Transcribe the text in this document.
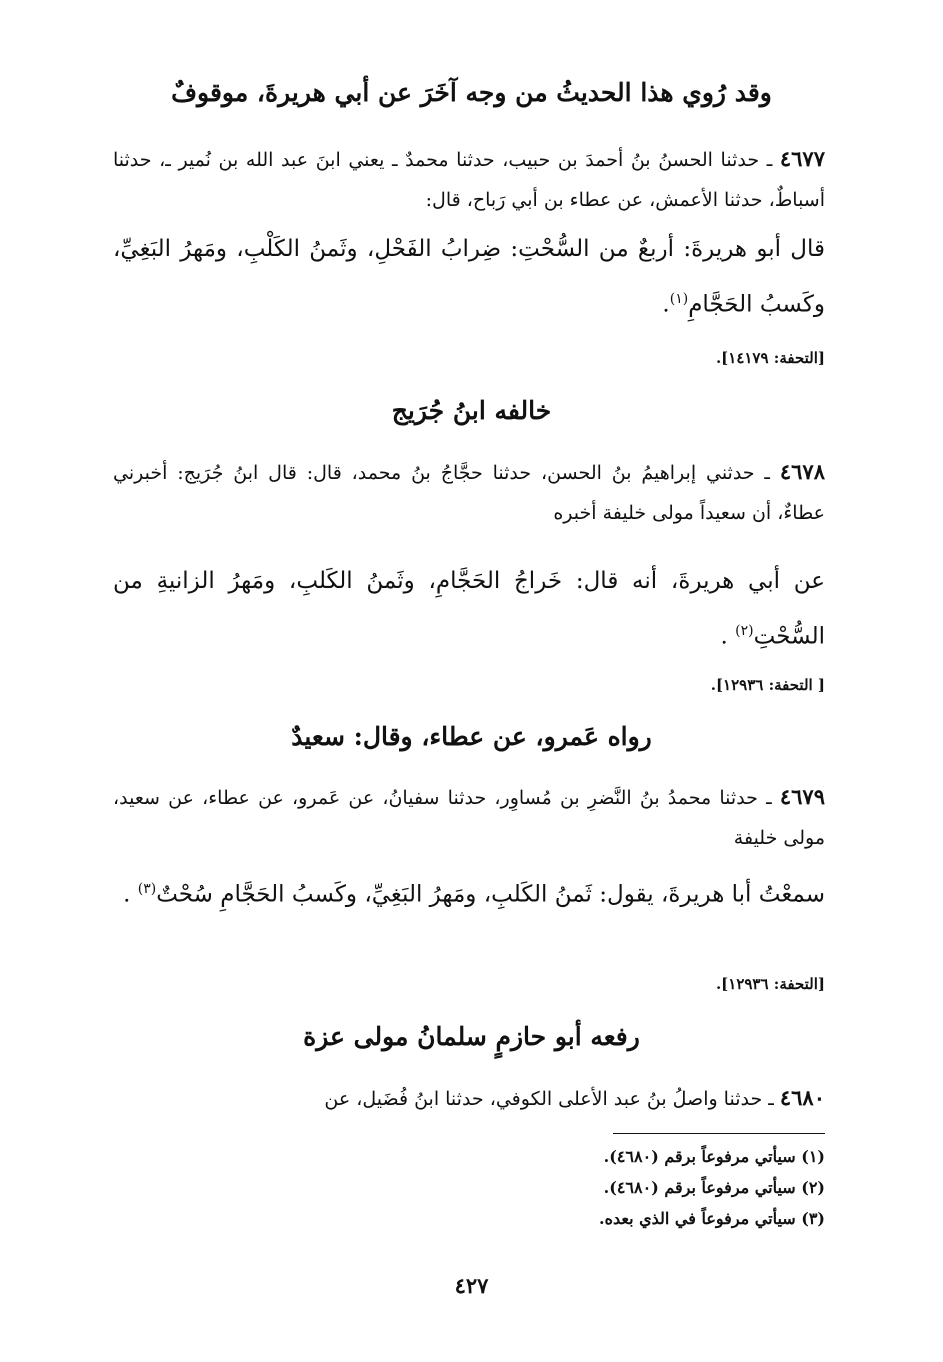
وقد رُوي هذا الحديثُ من وجه آخَرَ عن أبي هريرةَ، موقوفٌ
٤٦٧٧ ـ حدثنا الحسنُ بنُ أحمدَ بن حبيب، حدثنا محمدٌ ـ يعني ابنَ عبد الله بن نُمير ـ، حدثنا أسباطٌ، حدثنا الأعمش، عن عطاء بن أبي رَباح، قال:
قال أبو هريرةَ: أربعٌ من السُّحْتِ: ضِرابُ الفَحْلِ، وثَمنُ الكَلْبِ، ومَهرُ البَغِيِّ، وكَسبُ الحَجَّامِ$^{(١)}$.
[التحفة: ١٤١٧٩].
خالفه ابنُ جُرَيج
٤٦٧٨ ـ حدثني إبراهيمُ بنُ الحسن، حدثنا حجَّاجُ بنُ محمد، قال: قال ابنُ جُرَيج: أخبرني عطاءٌ، أن سعيداً مولى خليفة أخبره
عن أبي هريرةَ، أنه قال: خَراجُ الحَجَّامِ، وثَمنُ الكَلبِ، ومَهرُ الزانيةِ من السُّحْتِ$^{(٢)}$ .
[ التحفة: ١٢٩٣٦].
رواه عَمرو، عن عطاء، وقال: سعيدٌ
٤٦٧٩ ـ حدثنا محمدُ بنُ النَّضرِ بن مُساوِر، حدثنا سفيانُ، عن عَمرو، عن عطاء، عن سعيد، مولى خليفة
سمعْتُ أبا هريرةَ، يقول: ثَمنُ الكَلبِ، ومَهرُ البَغِيِّ، وكَسبُ الحَجَّامِ سُحْتٌ$^{(٣)}$ .
[التحفة: ١٢٩٣٦].
رفعه أبو حازمٍ سلمانُ مولى عزة
٤٦٨٠ ـ حدثنا واصلُ بنُ عبد الأعلى الكوفي، حدثنا ابنُ فُضَيل، عن
(١) سيأتي مرفوعاً برقم (٤٦٨٠).
(٢) سيأتي مرفوعاً برقم (٤٦٨٠).
(٣) سيأتي مرفوعاً في الذي بعده.
٤٢٧
